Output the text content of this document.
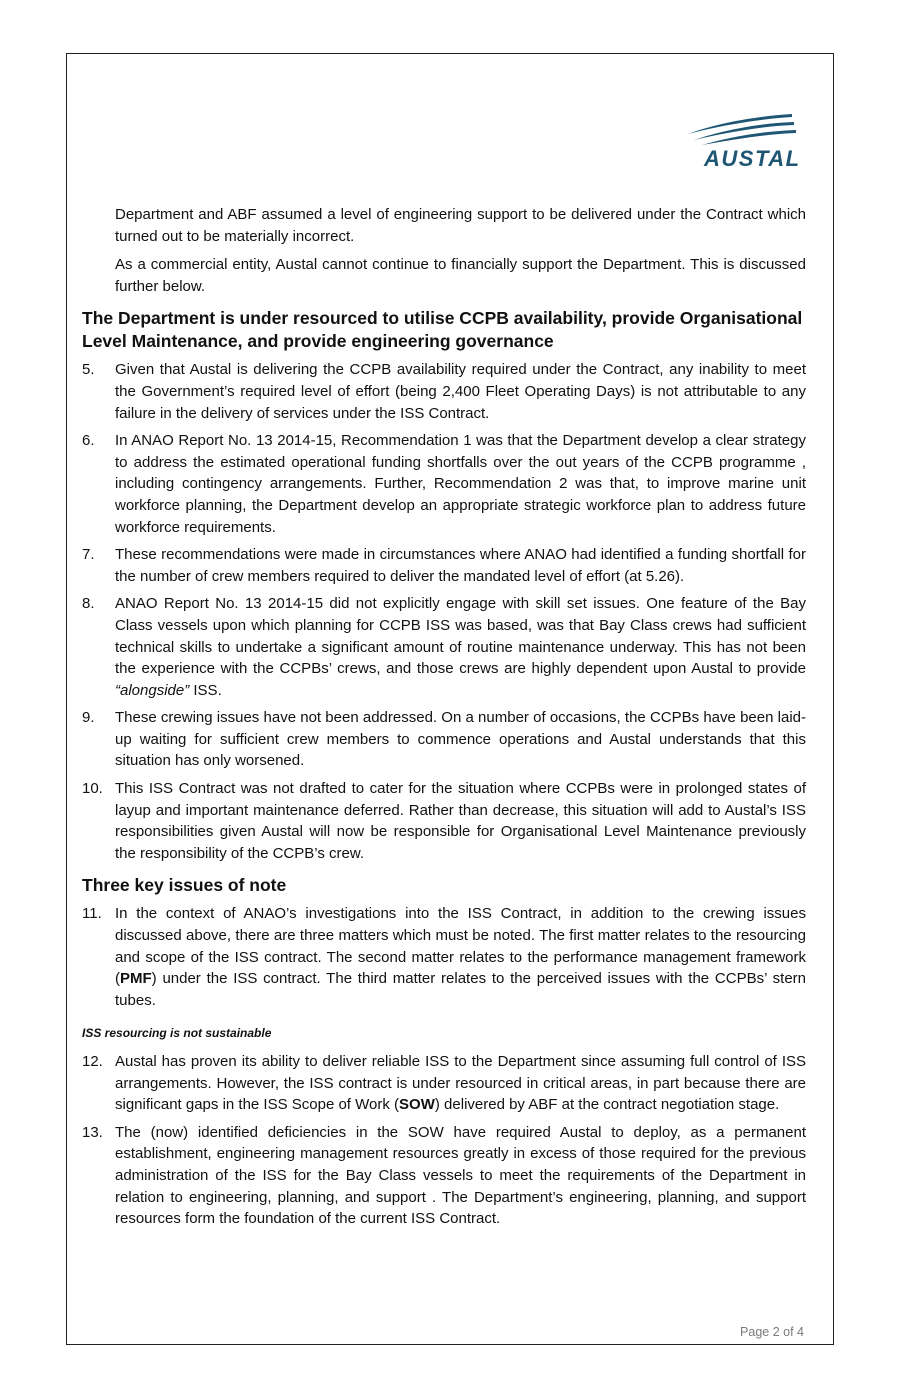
AUSTAL

Department and ABF assumed a level of engineering support to be delivered under the Contract which turned out to be materially incorrect.

As a commercial entity, Austal cannot continue to financially support the Department. This is discussed further below.

The Department is under resourced to utilise CCPB availability, provide Organisational Level Maintenance, and provide engineering governance
5.	Given that Austal is delivering the CCPB availability required under the Contract, any inability to meet the Government’s required level of effort (being 2,400 Fleet Operating Days) is not attributable to any failure in the delivery of services under the ISS Contract.
6.	In ANAO Report No. 13 2014-15, Recommendation 1 was that the Department develop a clear strategy to address the estimated operational funding shortfalls over the out years of the CCPB programme , including contingency arrangements. Further, Recommendation 2 was that, to improve marine unit workforce planning, the Department develop an appropriate strategic workforce plan to address future workforce requirements.
7.	These recommendations were made in circumstances where ANAO had identified a funding shortfall for the number of crew members required to deliver the mandated level of effort (at 5.26).
8.	ANAO Report No. 13 2014-15 did not explicitly engage with skill set issues. One feature of the Bay Class vessels upon which planning for CCPB ISS was based, was that Bay Class crews had sufficient technical skills to undertake a significant amount of routine maintenance underway. This has not been the experience with the CCPBs’ crews, and those crews are highly dependent upon Austal to provide “alongside” ISS.
9.	These crewing issues have not been addressed. On a number of occasions, the CCPBs have been laid-up waiting for sufficient crew members to commence operations and Austal understands that this situation has only worsened.
10. This ISS Contract was not drafted to cater for the situation where CCPBs were in prolonged states of layup and important maintenance deferred. Rather than decrease, this situation will add to Austal’s ISS responsibilities given Austal will now be responsible for Organisational Level Maintenance previously the responsibility of the CCPB’s crew.
Three key issues of note
11. In the context of ANAO’s investigations into the ISS Contract, in addition to the crewing issues discussed above, there are three matters which must be noted. The first matter relates to the resourcing and scope of the ISS contract. The second matter relates to the performance management framework (PMF) under the ISS contract. The third matter relates to the perceived issues with the CCPBs’ stern tubes.
ISS resourcing is not sustainable
12. Austal has proven its ability to deliver reliable ISS to the Department since assuming full control of ISS arrangements. However, the ISS contract is under resourced in critical areas, in part because there are significant gaps in the ISS Scope of Work (SOW) delivered by ABF at the contract negotiation stage.
13. The (now) identified deficiencies in the SOW have required Austal to deploy, as a permanent establishment, engineering management resources greatly in excess of those required for the previous administration of the ISS for the Bay Class vessels to meet the requirements of the Department in relation to engineering, planning, and support . The Department’s engineering, planning, and support resources form the foundation of the current ISS Contract.
Page 2 of 4
